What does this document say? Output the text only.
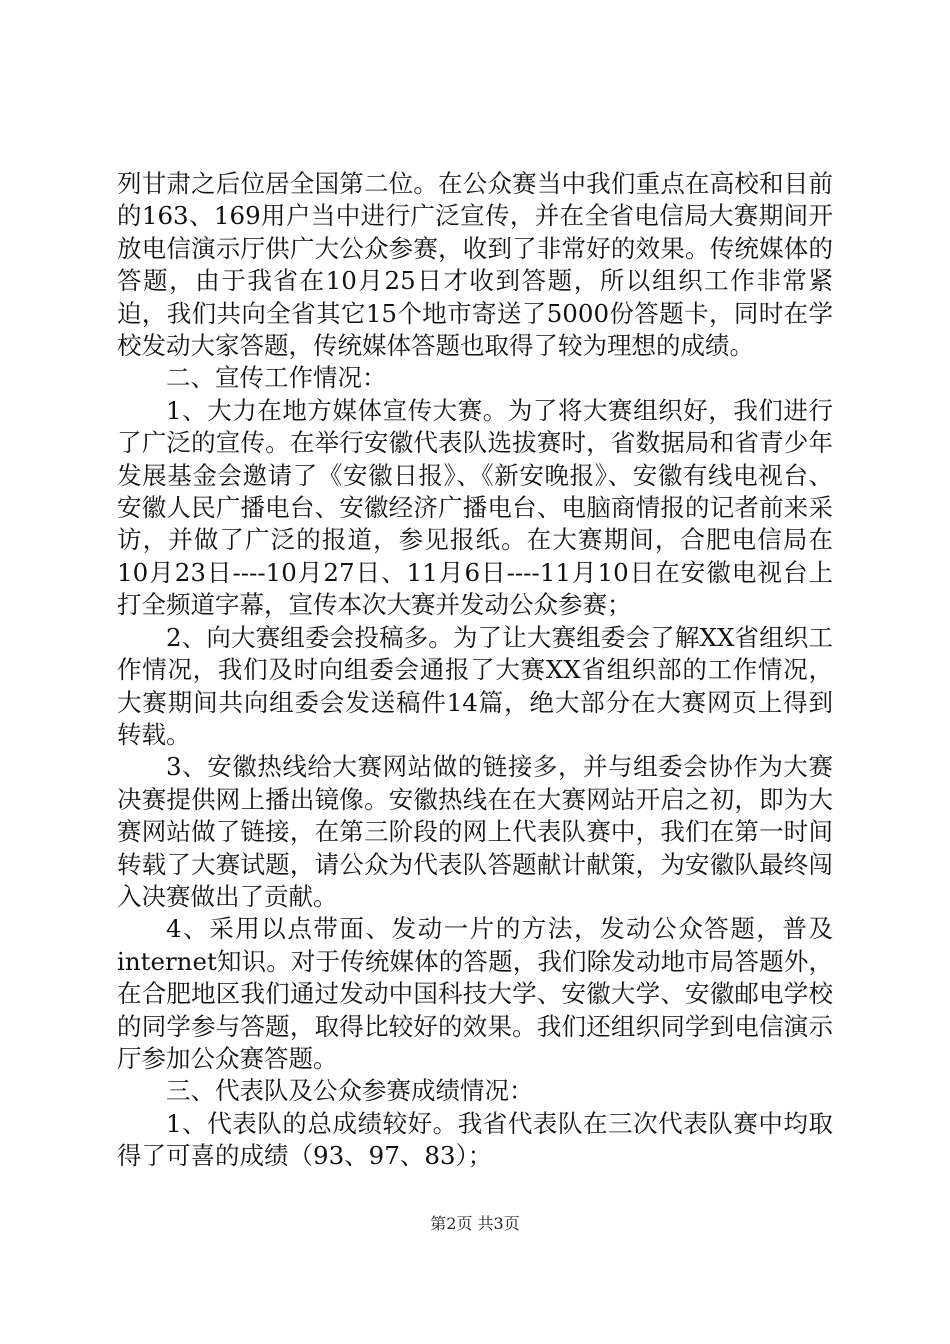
列甘肃之后位居全国第二位。在公众赛当中我们重点在高校和目前的163、169用户当中进行广泛宣传，并在全省电信局大赛期间开放电信演示厅供广大公众参赛，收到了非常好的效果。传统媒体的答题，由于我省在10月25日才收到答题，所以组织工作非常紧迫，我们共向全省其它15个地市寄送了5000份答题卡，同时在学校发动大家答题，传统媒体答题也取得了较为理想的成绩。

二、宣传工作情况：

1、大力在地方媒体宣传大赛。为了将大赛组织好，我们进行了广泛的宣传。在举行安徽代表队选拔赛时，省数据局和省青少年发展基金会邀请了《安徽日报》、《新安晚报》、安徽有线电视台、安徽人民广播电台、安徽经济广播电台、电脑商情报的记者前来采访，并做了广泛的报道，参见报纸。在大赛期间，合肥电信局在10月23日----10月27日、11月6日----11月10日在安徽电视台上打全频道字幕，宣传本次大赛并发动公众参赛；

2、向大赛组委会投稿多。为了让大赛组委会了解XX省组织工作情况，我们及时向组委会通报了大赛XX省组织部的工作情况，大赛期间共向组委会发送稿件14篇，绝大部分在大赛网页上得到转载。

3、安徽热线给大赛网站做的链接多，并与组委会协作为大赛决赛提供网上播出镜像。安徽热线在在大赛网站开启之初，即为大赛网站做了链接，在第三阶段的网上代表队赛中，我们在第一时间转载了大赛试题，请公众为代表队答题献计献策，为安徽队最终闯入决赛做出了贡献。

4、采用以点带面、发动一片的方法，发动公众答题，普及internet知识。对于传统媒体的答题，我们除发动地市局答题外，在合肥地区我们通过发动中国科技大学、安徽大学、安徽邮电学校的同学参与答题，取得比较好的效果。我们还组织同学到电信演示厅参加公众赛答题。

三、代表队及公众参赛成绩情况：

1、代表队的总成绩较好。我省代表队在三次代表队赛中均取得了可喜的成绩（93、97、83）；

第2页 共3页
